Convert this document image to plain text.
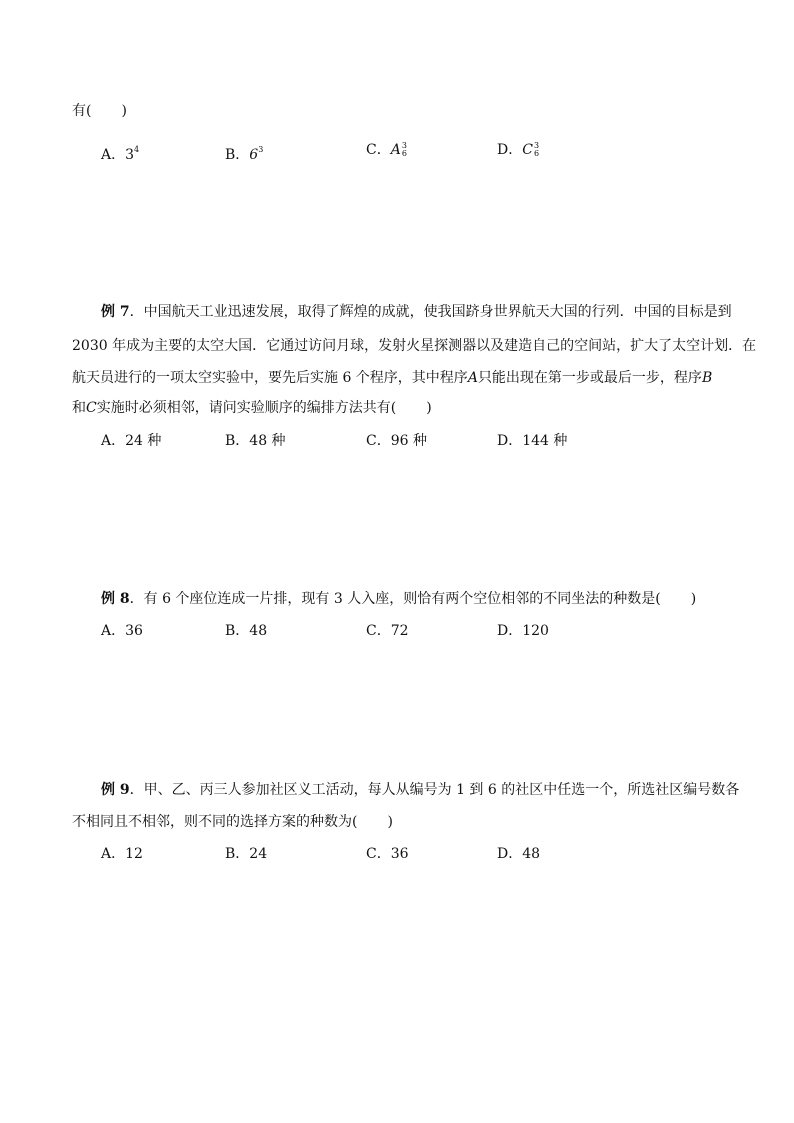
有( )
A．$3^4$	B．$6^3$	C．A 3
6	D．C 3
6
例 7．中国航天工业迅速发展，取得了辉煌的成就，使我国跻身世界航天大国的行列．中国的目标是到
2030 年成为主要的太空大国．它通过访问月球，发射火星探测器以及建造自己的空间站，扩大了太空计划．在
航天员进行的一项太空实验中，要先后实施 6 个程序，其中程序A只能出现在第一步或最后一步，程序B
和C实施时必须相邻，请问实验顺序的编排方法共有( )
A．24 种	B．48 种	C．96 种	D．144 种
例 8．有 6 个座位连成一片排，现有 3 人入座，则恰有两个空位相邻的不同坐法的种数是( )
A．36	B．48	C．72	D．120
例 9．甲、乙、丙三人参加社区义工活动，每人从编号为 1 到 6 的社区中任选一个，所选社区编号数各
不相同且不相邻，则不同的选择方案的种数为( )
A．12	B．24	C．36	D．48
